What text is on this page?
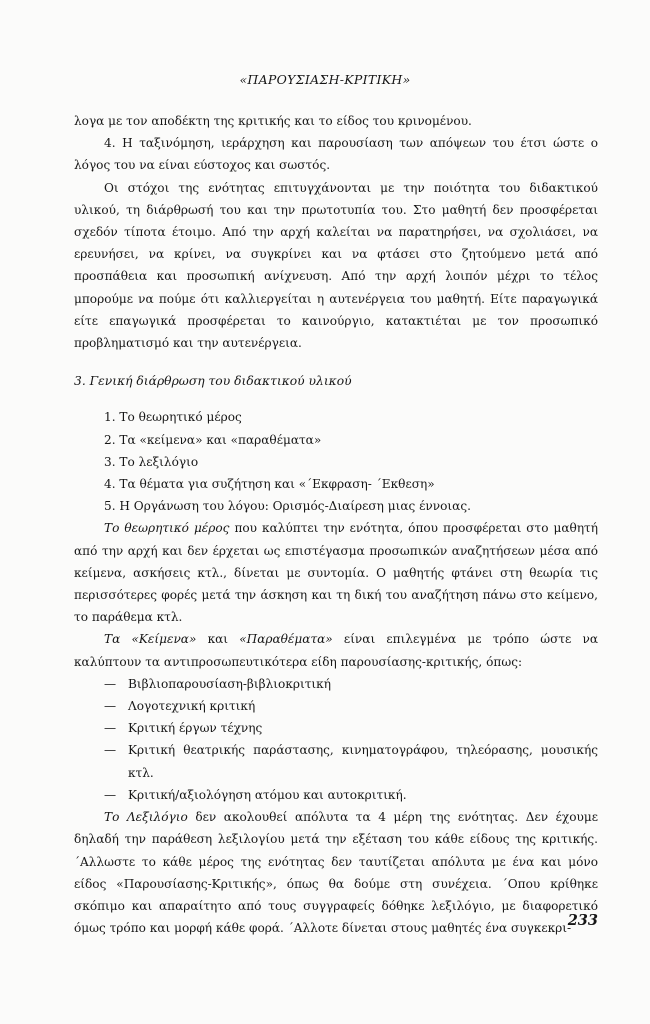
«ΠΑΡΟΥΣΙΑΣΗ-ΚΡΙΤΙΚΗ»

λογα με τον αποδέκτη της κριτικής και το είδος του κρινομένου.

4. Η ταξινόμηση, ιεράρχηση και παρουσίαση των απόψεων του έτσι ώστε ο λόγος του να είναι εύστοχος και σωστός.

Οι στόχοι της ενότητας επιτυγχάνονται με την ποιότητα του διδακτικού υλικού, τη διάρθρωσή του και την πρωτοτυπία του. Στο μαθητή δεν προσφέρεται σχεδόν τίποτα έτοιμο. Από την αρχή καλείται να παρατηρήσει, να σχολιάσει, να ερευνήσει, να κρίνει, να συγκρίνει και να φτάσει στο ζητούμενο μετά από προσπάθεια και προσωπική ανίχνευση. Από την αρχή λοιπόν μέχρι το τέλος μπορούμε να πούμε ότι καλλιεργείται η αυτενέργεια του μαθητή. Είτε παραγωγικά είτε επαγωγικά προσφέρεται το καινούργιο, κατακτιέται με τον προσωπικό προβληματισμό και την αυτενέργεια.

3. Γενική διάρθρωση του διδακτικού υλικού

1. Το θεωρητικό μέρος
2. Τα «κείμενα» και «παραθέματα»
3. Το λεξιλόγιο
4. Τα θέματα για συζήτηση και «΄Εκφραση- ΄Εκθεση»
5. Η Οργάνωση του λόγου: Ορισμός-Διαίρεση μιας έννοιας.

Το θεωρητικό μέρος που καλύπτει την ενότητα, όπου προσφέρεται στο μαθητή από την αρχή και δεν έρχεται ως επιστέγασμα προσωπικών αναζητήσεων μέσα από κείμενα, ασκήσεις κτλ., δίνεται με συντομία. Ο μαθητής φτάνει στη θεωρία τις περισσότερες φορές μετά την άσκηση και τη δική του αναζήτηση πάνω στο κείμενο, το παράθεμα κτλ.

Τα «Κείμενα» και «Παραθέματα» είναι επιλεγμένα με τρόπο ώστε να καλύπτουν τα αντιπροσωπευτικότερα είδη παρουσίασης-κριτικής, όπως:

— Βιβλιοπαρουσίαση-βιβλιοκριτική
— Λογοτεχνική κριτική
— Κριτική έργων τέχνης
— Κριτική θεατρικής παράστασης, κινηματογράφου, τηλεόρασης, μουσικής κτλ.
— Κριτική/αξιολόγηση ατόμου και αυτοκριτική.

Το Λεξιλόγιο δεν ακολουθεί απόλυτα τα 4 μέρη της ενότητας. Δεν έχουμε δηλαδή την παράθεση λεξιλογίου μετά την εξέταση του κάθε είδους της κριτικής. ΄Αλλωστε το κάθε μέρος της ενότητας δεν ταυτίζεται απόλυτα με ένα και μόνο είδος «Παρουσίασης-Κριτικής», όπως θα δούμε στη συνέχεια. ΄Οπου κρίθηκε σκόπιμο και απαραίτητο από τους συγγραφείς δόθηκε λεξιλόγιο, με διαφορετικό όμως τρόπο και μορφή κάθε φορά. ΄Αλλοτε δίνεται στους μαθητές ένα συγκεκρι-

233
